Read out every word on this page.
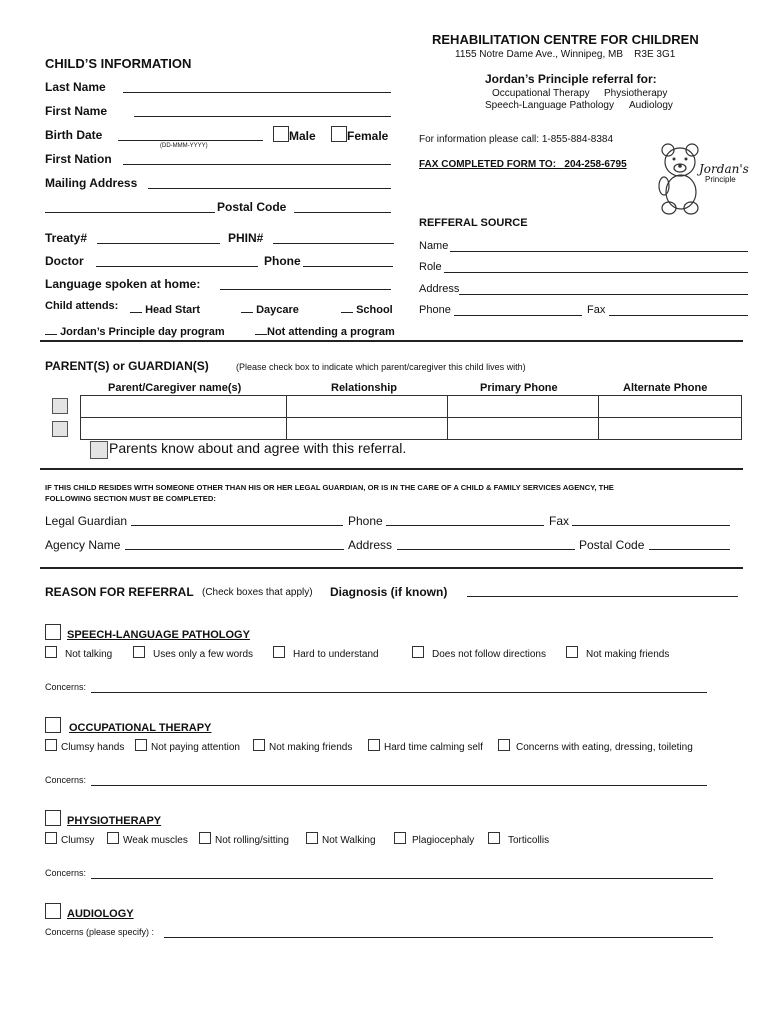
REHABILITATION CENTRE FOR CHILDREN
1155 Notre Dame Ave., Winnipeg, MB R3E 3G1
Jordan’s Principle referral for:
Occupational Therapy Physiotherapy
Speech-Language Pathology Audiology
For information please call: 1-855-884-8384
FAX COMPLETED FORM TO: 204-258-6795	Jordan's
Principle
CHILD’S INFORMATION
Last Name
First Name
Birth Date
(DD-MMM-YYYY)
Male	Female
First Nation
Mailing Address
Postal Code
Treaty#	PHIN#
Doctor	Phone
Language spoken at home:
Child attends:	Head Start	Daycare	School
Jordan’s Principle day program	Not attending a program
REFFERAL SOURCE
Name
Role
Address
Phone	Fax
PARENT(S) or GUARDIAN(S)	(Please check box to indicate which parent/caregiver this child lives with)
Parent/Caregiver name(s)	Relationship	Primary Phone	Alternate Phone

Parents know about and agree with this referral.
IF THIS CHILD RESIDES WITH SOMEONE OTHER THAN HIS OR HER LEGAL GUARDIAN, OR IS IN THE CARE OF A CHILD & FAMILY SERVICES AGENCY, THE
FOLLOWING SECTION MUST BE COMPLETED:
Legal Guardian	Phone	Fax
Agency Name	Address	Postal Code
REASON FOR REFERRAL (Check boxes that apply) Diagnosis (if known)
SPEECH-LANGUAGE PATHOLOGY
Not talking	Uses only a few words	Hard to understand	Does not follow directions	Not making friends
Concerns:
OCCUPATIONAL THERAPY
Clumsy hands	Not paying attention	Not making friends	Hard time calming self	Concerns with eating, dressing, toileting
Concerns:
PHYSIOTHERAPY
Clumsy	Weak muscles	Not rolling/sitting	Not Walking	Plagiocephaly	Torticollis
Concerns:
AUDIOLOGY
Concerns (please specify) :
